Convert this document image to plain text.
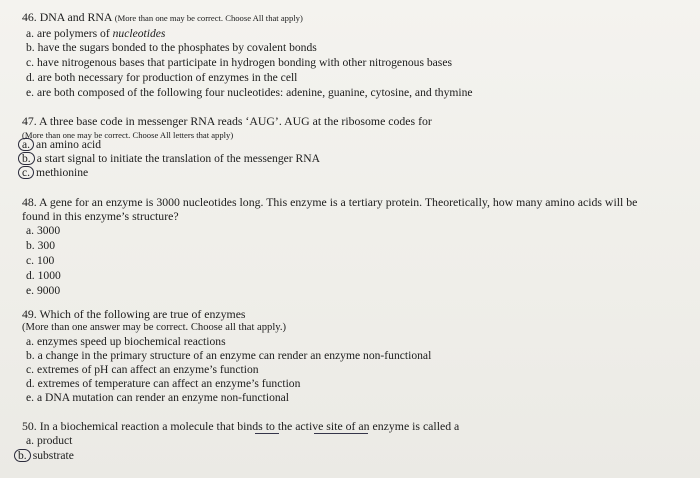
46. DNA and RNA (More than one may be correct. Choose All that apply)
a. are polymers of nucleotides
b. have the sugars bonded to the phosphates by covalent bonds
c. have nitrogenous bases that participate in hydrogen bonding with other nitrogenous bases
d. are both necessary for production of enzymes in the cell
e. are both composed of the following four nucleotides: adenine, guanine, cytosine, and thymine
47. A three base code in messenger RNA reads ‘AUG’. AUG at the ribosome codes for
(More than one may be correct. Choose All letters that apply)
a. an amino acid
b. a start signal to initiate the translation of the messenger RNA
c. methionine
48. A gene for an enzyme is 3000 nucleotides long. This enzyme is a tertiary protein. Theoretically, how many amino acids will be
found in this enzyme’s structure?
a. 3000
b. 300
c. 100
d. 1000
e. 9000
49. Which of the following are true of enzymes
(More than one answer may be correct. Choose all that apply.)
a. enzymes speed up biochemical reactions
b. a change in the primary structure of an enzyme can render an enzyme non-functional
c. extremes of pH can affect an enzyme’s function
d. extremes of temperature can affect an enzyme’s function
e. a DNA mutation can render an enzyme non-functional
50. In a biochemical reaction a molecule that binds to the active site of an enzyme is called a
a. product
b. substrate
